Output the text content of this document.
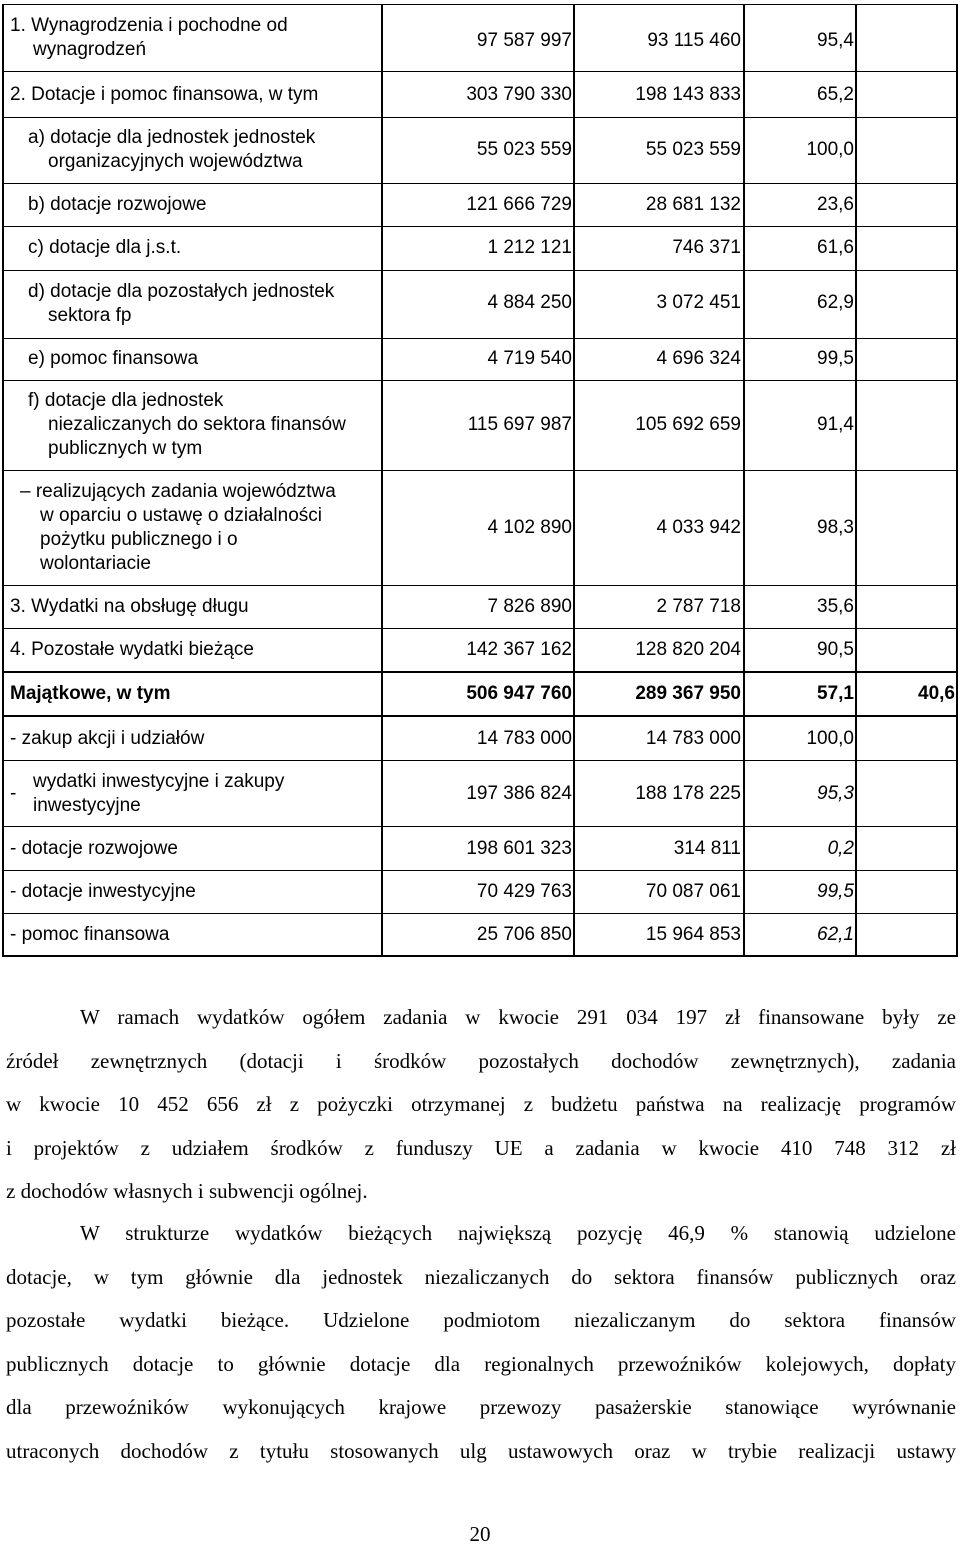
1. Wynagrodzenia i pochodne od
wynagrodzeń	97 587 997	93 115 460	95,4
2. Dotacje i pomoc finansowa, w tym	303 790 330	198 143 833	65,2
a) dotacje dla jednostek jednostek
organizacyjnych województwa
55 023 559	55 023 559	100,0
b) dotacje rozwojowe	121 666 729	28 681 132	23,6
c) dotacje dla j.s.t.	1 212 121	746 371	61,6
d) dotacje dla pozostałych jednostek
sektora fp
4 884 250	3 072 451	62,9
e) pomoc finansowa	4 719 540	4 696 324	99,5
f) dotacje dla jednostek
niezaliczanych do sektora finansów
publicznych w tym
115 697 987	105 692 659	91,4
– realizujących zadania województwa
w oparciu o ustawę o działalności
pożytku publicznego i o
wolontariacie
4 102 890	4 033 942	98,3
3. Wydatki na obsługę długu	7 826 890	2 787 718	35,6
4. Pozostałe wydatki bieżące	142 367 162	128 820 204	90,5
Majątkowe, w tym	506 947 760	289 367 950	57,1	40,6
- zakup akcji i udziałów	14 783 000	14 783 000	100,0
-
wydatki inwestycyjne i zakupy
inwestycyjne
197 386 824	188 178 225	95,3
- dotacje rozwojowe	198 601 323	314 811	0,2
- dotacje inwestycyjne	70 429 763	70 087 061	99,5
- pomoc finansowa	25 706 850	15 964 853	62,1
W ramach wydatków ogółem zadania w kwocie 291 034 197 zł finansowane były ze
źródeł zewnętrznych (dotacji i środków pozostałych dochodów zewnętrznych), zadania
w kwocie 10 452 656 zł z pożyczki otrzymanej z budżetu państwa na realizację programów
i projektów z udziałem środków z funduszy UE a zadania w kwocie 410 748 312 zł
z dochodów własnych i subwencji ogólnej.
W strukturze wydatków bieżących największą pozycję 46,9 % stanowią udzielone
dotacje, w tym głównie dla jednostek niezaliczanych do sektora finansów publicznych oraz
pozostałe wydatki bieżące. Udzielone podmiotom niezaliczanym do sektora finansów
publicznych dotacje to głównie dotacje dla regionalnych przewoźników kolejowych, dopłaty
dla przewoźników wykonujących krajowe przewozy pasażerskie stanowiące wyrównanie
utraconych dochodów z tytułu stosowanych ulg ustawowych oraz w trybie realizacji ustawy
20
